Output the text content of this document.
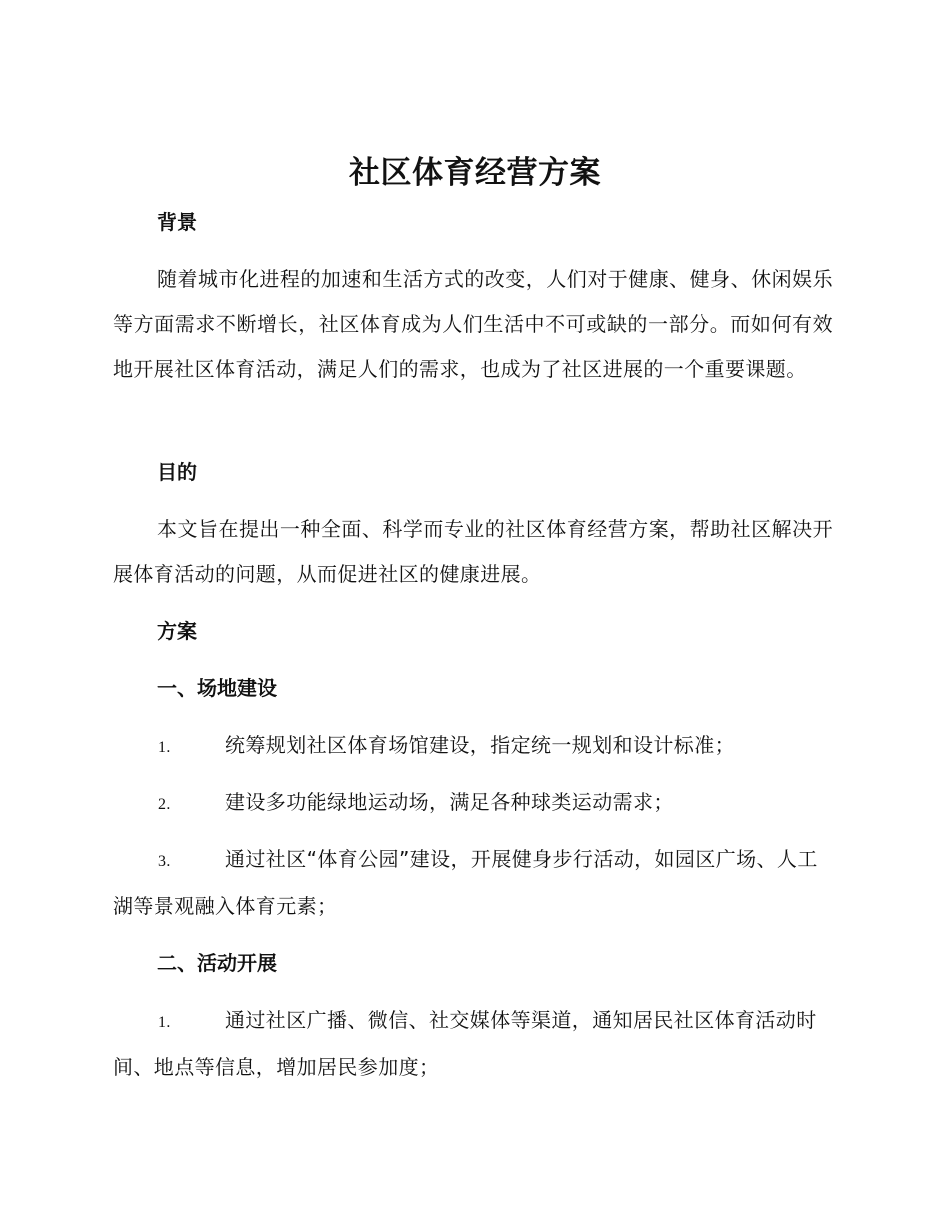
社区体育经营方案
背景
随着城市化进程的加速和生活方式的改变，人们对于健康、健身、休闲娱乐等方面需求不断增长，社区体育成为人们生活中不可或缺的一部分。而如何有效地开展社区体育活动，满足人们的需求，也成为了社区进展的一个重要课题。
目的
本文旨在提出一种全面、科学而专业的社区体育经营方案，帮助社区解决开展体育活动的问题，从而促进社区的健康进展。
方案
一、场地建设
1.	统筹规划社区体育场馆建设，指定统一规划和设计标准；
2.	建设多功能绿地运动场，满足各种球类运动需求；
3.	通过社区“体育公园”建设，开展健身步行活动，如园区广场、人工湖等景观融入体育元素；
二、活动开展
1.	通过社区广播、微信、社交媒体等渠道，通知居民社区体育活动时间、地点等信息，增加居民参加度；
